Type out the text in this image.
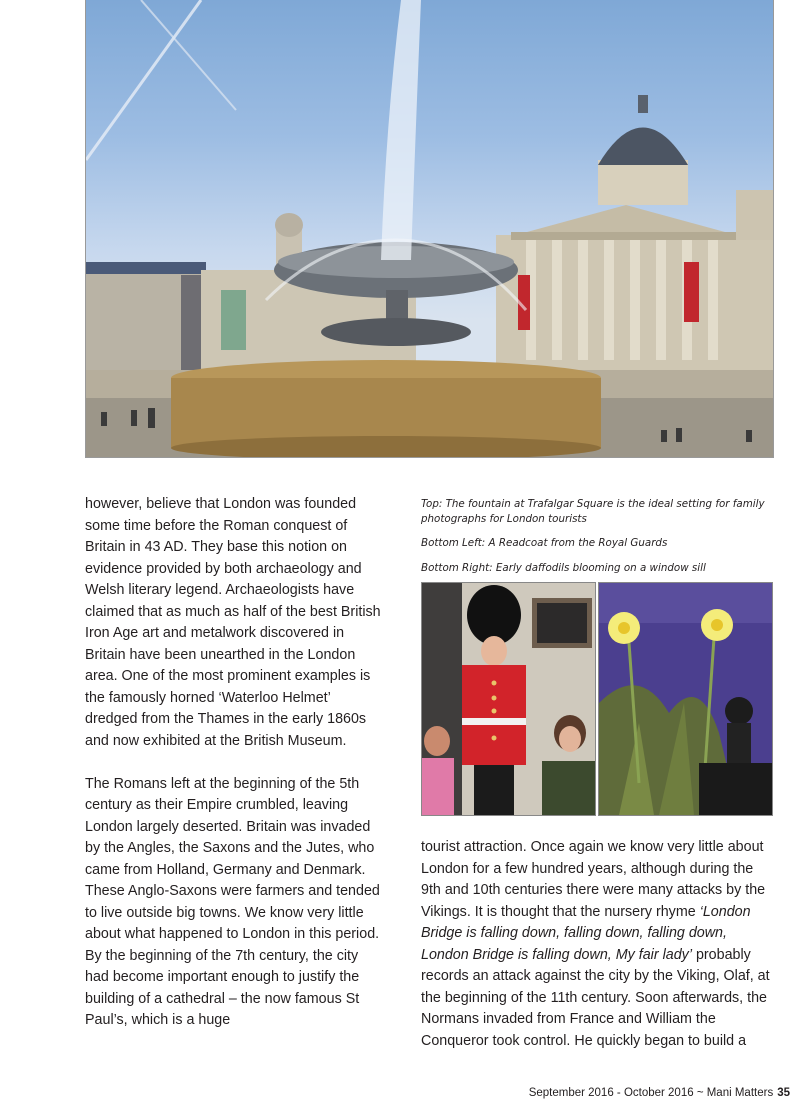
however, believe that London was founded some time before the Roman conquest of Britain in 43 AD. They base this notion on evidence provided by both archaeology and Welsh literary legend. Archaeologists have claimed that as much as half of the best British Iron Age art and metalwork discovered in Britain have been unearthed in the London area. One of the most prominent examples is the famously horned ‘Waterloo Helmet’ dredged from the Thames in the early 1860s and now exhibited at the British Museum.

The Romans left at the beginning of the 5th century as their Empire crumbled, leaving London largely deserted. Britain was invaded by the Angles, the Saxons and the Jutes, who came from Holland, Germany and Denmark. These Anglo-Saxons were farmers and tended to live outside big towns. We know very little about what happened to London in this period. By the beginning of the 7th century, the city had become important enough to justify the building of a cathedral – the now famous St Paul’s, which is a huge

Top: The fountain at Trafalgar Square is the ideal setting for family photographs for London tourists

Bottom Left: A Readcoat from the Royal Guards

Bottom Right: Early daffodils blooming on a window sill

tourist attraction. Once again we know very little about London for a few hundred years, although during the 9th and 10th centuries there were many attacks by the Vikings. It is thought that the nursery rhyme ‘London Bridge is falling down, falling down, falling down, London Bridge is falling down, My fair lady’ probably records an attack against the city by the Viking, Olaf, at the beginning of the 11th century. Soon afterwards, the Normans invaded from France and William the Conqueror took control. He quickly began to build a

September 2016 - October 2016 ~ Mani Matters 35
